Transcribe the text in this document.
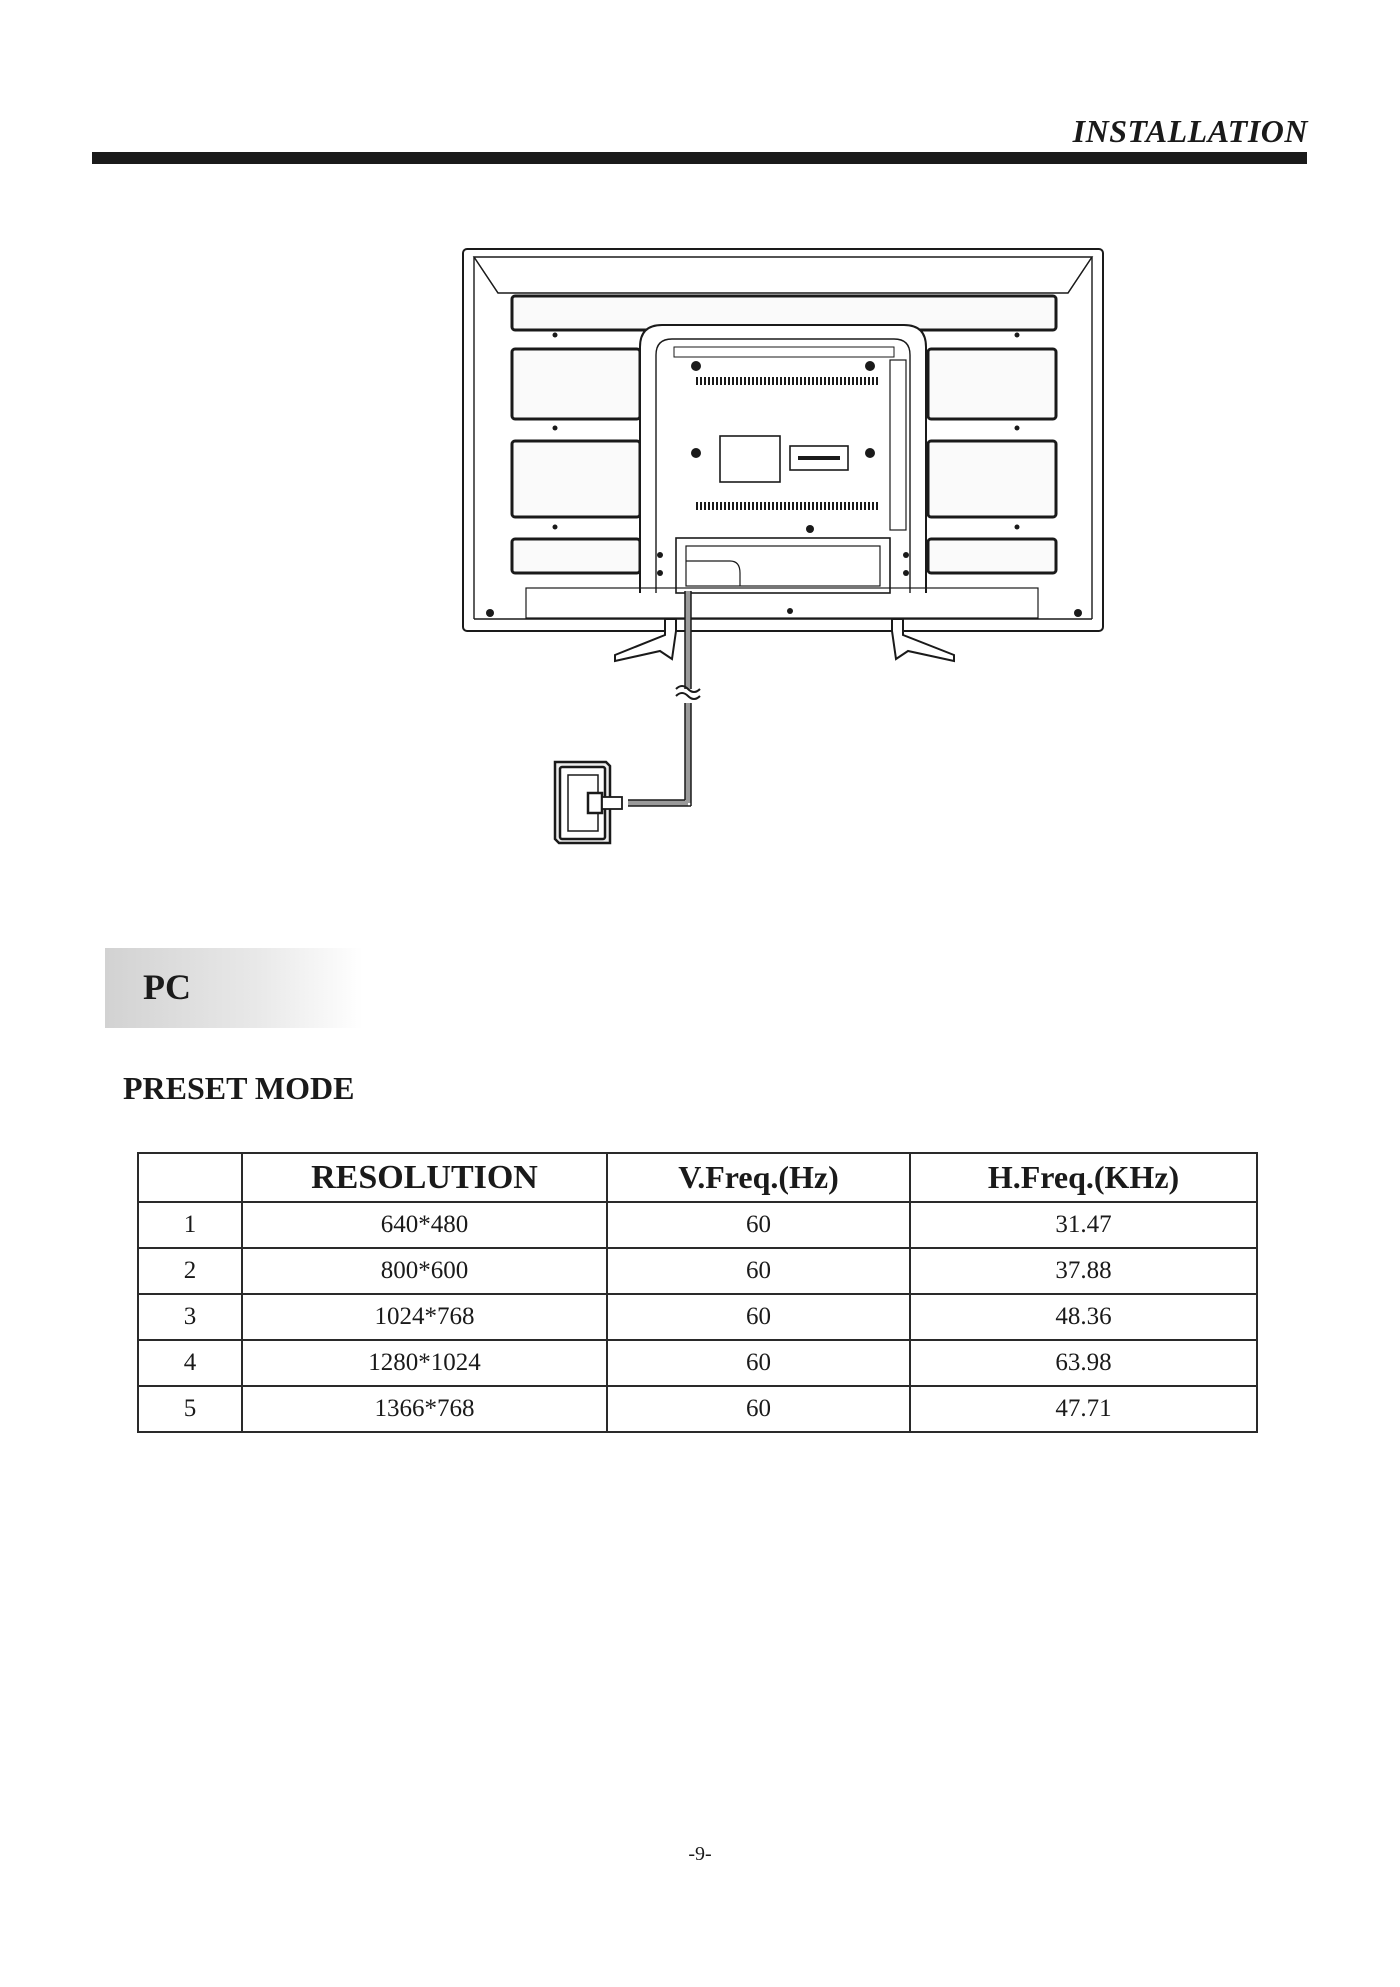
INSTALLATION
PC
PRESET MODE
	RESOLUTION	V.Freq.(Hz)	H.Freq.(KHz)
1	640*480	60	31.47
2	800*600	60	37.88
3	1024*768	60	48.36
4	1280*1024	60	63.98
5	1366*768	60	47.71
-9-
